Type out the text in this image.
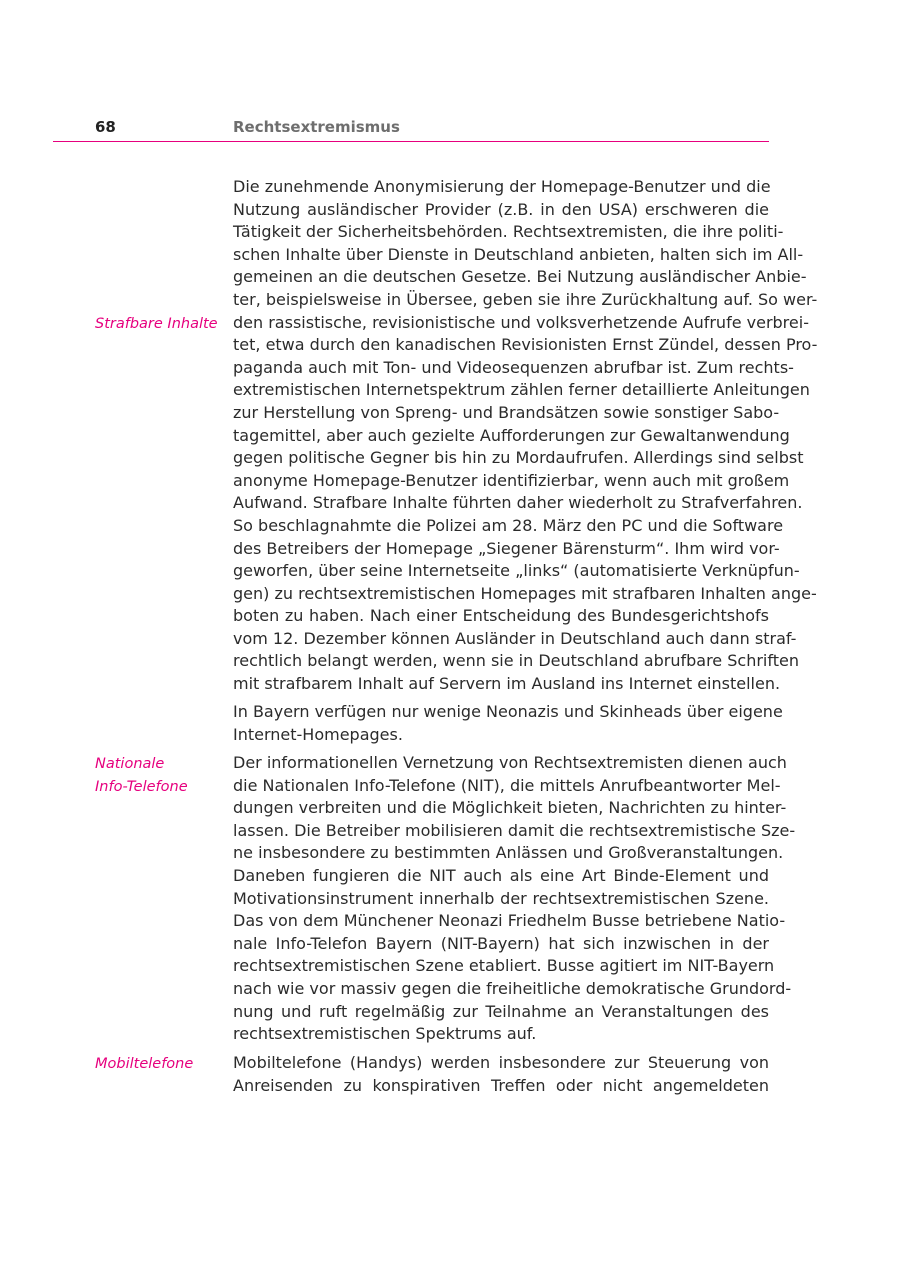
68	Rechtsextremismus

Strafbare Inhalte

Nationale

Info-Telefone

Mobiltelefone

Die zunehmende Anonymisierung der Homepage-Benutzer und die
Nutzung ausländischer Provider (z.B. in den USA) erschweren die
Tätigkeit der Sicherheitsbehörden. Rechtsextremisten, die ihre politi-
schen Inhalte über Dienste in Deutschland anbieten, halten sich im All-
gemeinen an die deutschen Gesetze. Bei Nutzung ausländischer Anbie-
ter, beispielsweise in Übersee, geben sie ihre Zurückhaltung auf. So wer-
den rassistische, revisionistische und volksverhetzende Aufrufe verbrei-
tet, etwa durch den kanadischen Revisionisten Ernst Zündel, dessen Pro-
paganda auch mit Ton- und Videosequenzen abrufbar ist. Zum rechts-
extremistischen Internetspektrum zählen ferner detaillierte Anleitungen
zur Herstellung von Spreng- und Brandsätzen sowie sonstiger Sabo-
tagemittel, aber auch gezielte Aufforderungen zur Gewaltanwendung
gegen politische Gegner bis hin zu Mordaufrufen. Allerdings sind selbst
anonyme Homepage-Benutzer identifizierbar, wenn auch mit großem
Aufwand. Strafbare Inhalte führten daher wiederholt zu Strafverfahren.
So beschlagnahmte die Polizei am 28. März den PC und die Software
des Betreibers der Homepage „Siegener Bärensturm“. Ihm wird vor-
geworfen, über seine Internetseite „links“ (automatisierte Verknüpfun-
gen) zu rechtsextremistischen Homepages mit strafbaren Inhalten ange-
boten zu haben. Nach einer Entscheidung des Bundesgerichtshofs
vom 12. Dezember können Ausländer in Deutschland auch dann straf-
rechtlich belangt werden, wenn sie in Deutschland abrufbare Schriften
mit strafbarem Inhalt auf Servern im Ausland ins Internet einstellen.
In Bayern verfügen nur wenige Neonazis und Skinheads über eigene
Internet-Homepages.
Der informationellen Vernetzung von Rechtsextremisten dienen auch
die Nationalen Info-Telefone (NIT), die mittels Anrufbeantworter Mel-
dungen verbreiten und die Möglichkeit bieten, Nachrichten zu hinter-
lassen. Die Betreiber mobilisieren damit die rechtsextremistische Sze-
ne insbesondere zu bestimmten Anlässen und Großveranstaltungen.
Daneben fungieren die NIT auch als eine Art Binde-Element und
Motivationsinstrument innerhalb der rechtsextremistischen Szene.
Das von dem Münchener Neonazi Friedhelm Busse betriebene Natio-
nale Info-Telefon Bayern (NIT-Bayern) hat sich inzwischen in der
rechtsextremistischen Szene etabliert. Busse agitiert im NIT-Bayern
nach wie vor massiv gegen die freiheitliche demokratische Grundord-
nung und ruft regelmäßig zur Teilnahme an Veranstaltungen des
rechtsextremistischen Spektrums auf.
Mobiltelefone (Handys) werden insbesondere zur Steuerung von
Anreisenden zu konspirativen Treffen oder nicht angemeldeten
